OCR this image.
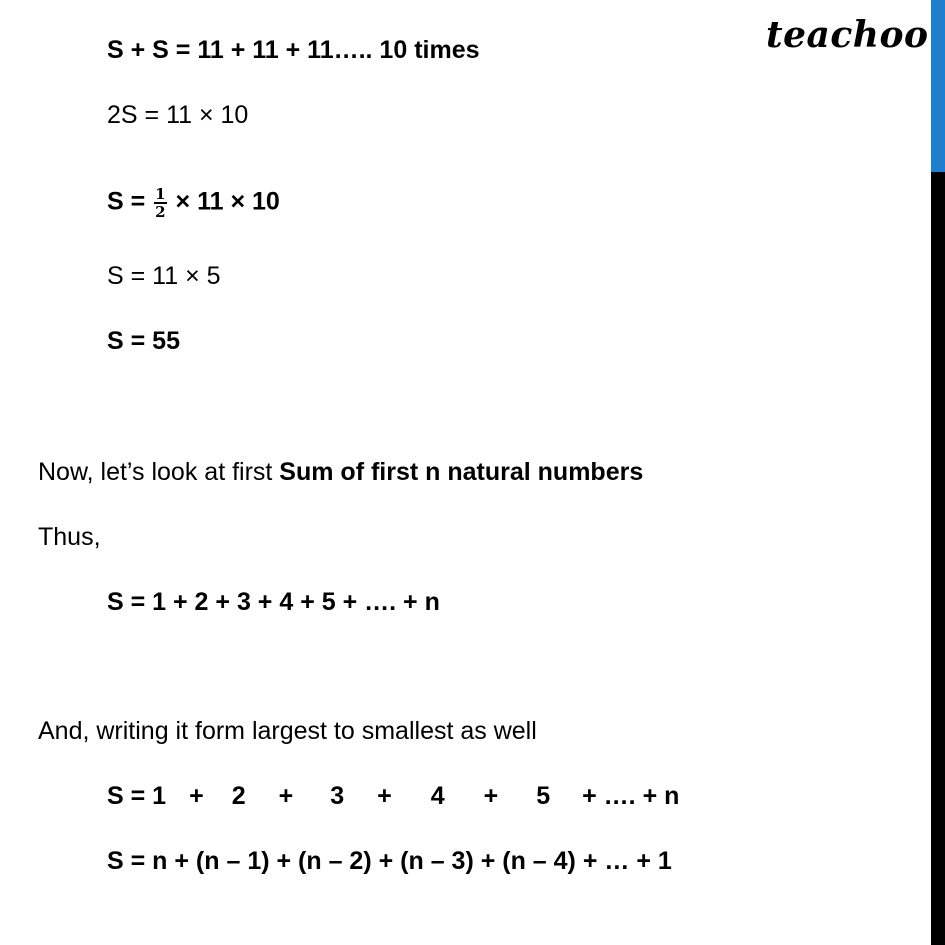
teachoo
S + S = 11 + 11 + 11….. 10 times
2S = 11 × 10
$S = \frac{1}{2} \times 11 \times 10$
S = 11 × 5
S = 55
Now, let’s look at first Sum of first n natural numbers
Thus,
S = 1 + 2 + 3 + 4 + 5 + …. + n
And, writing it form largest to smallest as well
S = 1 + 2 + 3 + 4 + 5 + …. + n
S = n + (n – 1) + (n – 2) + (n – 3) + (n – 4) + … + 1
